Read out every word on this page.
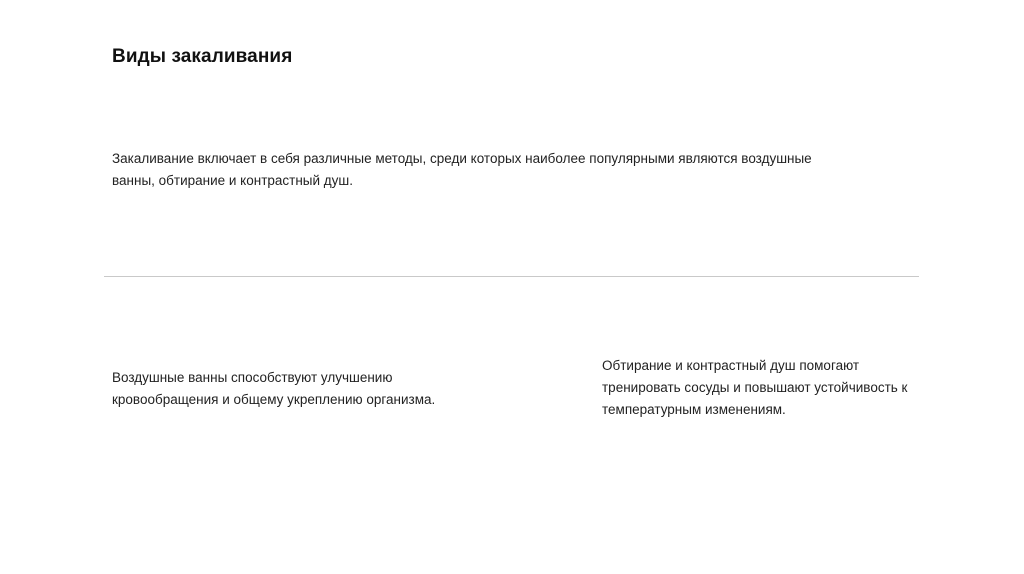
Виды закаливания

Закаливание включает в себя различные методы, среди которых наиболее популярными являются воздушные ванны, обтирание и контрастный душ.

Воздушные ванны способствуют улучшению кровообращения и общему укреплению организма.

Обтирание и контрастный душ помогают тренировать сосуды и повышают устойчивость к температурным изменениям.
